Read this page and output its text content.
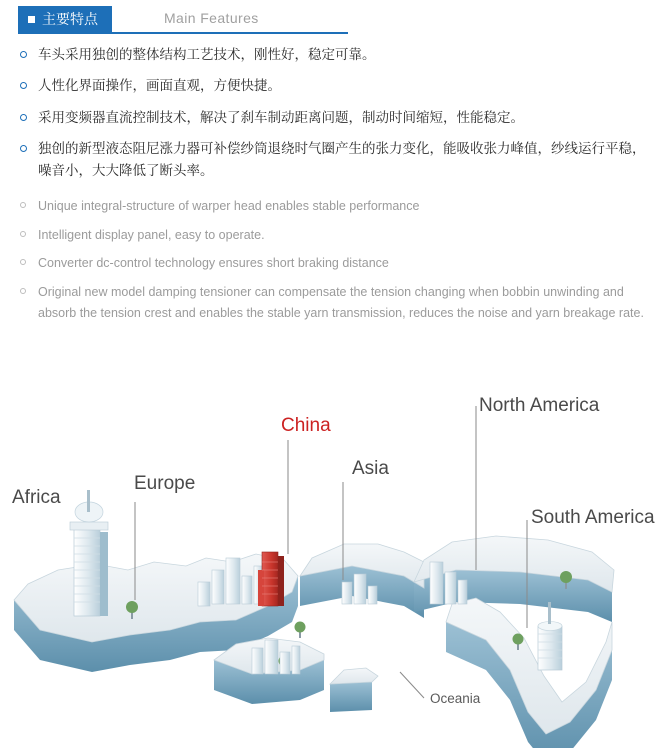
主要特点	Main Features
车头采用独创的整体结构工艺技术，刚性好，稳定可靠。
人性化界面操作，画面直观，方便快捷。
采用变频器直流控制技术，解决了刹车制动距离问题，制动时间缩短，性能稳定。
独创的新型液态阻尼涨力器可补偿纱筒退绕时气圈产生的张力变化，能吸收张力峰值，纱线运行平稳，噪音小，大大降低了断头率。
Unique integral-structure of warper head enables stable performance
Intelligent display panel, easy to operate.
Converter dc-control technology ensures short braking distance
Original new model damping tensioner can compensate the tension changing when bobbin unwinding and absorb the tension crest and enables the stable yarn transmission, reduces the noise and yarn breakage rate.
Africa
Europe
China
Asia
North America
South America
Oceania
